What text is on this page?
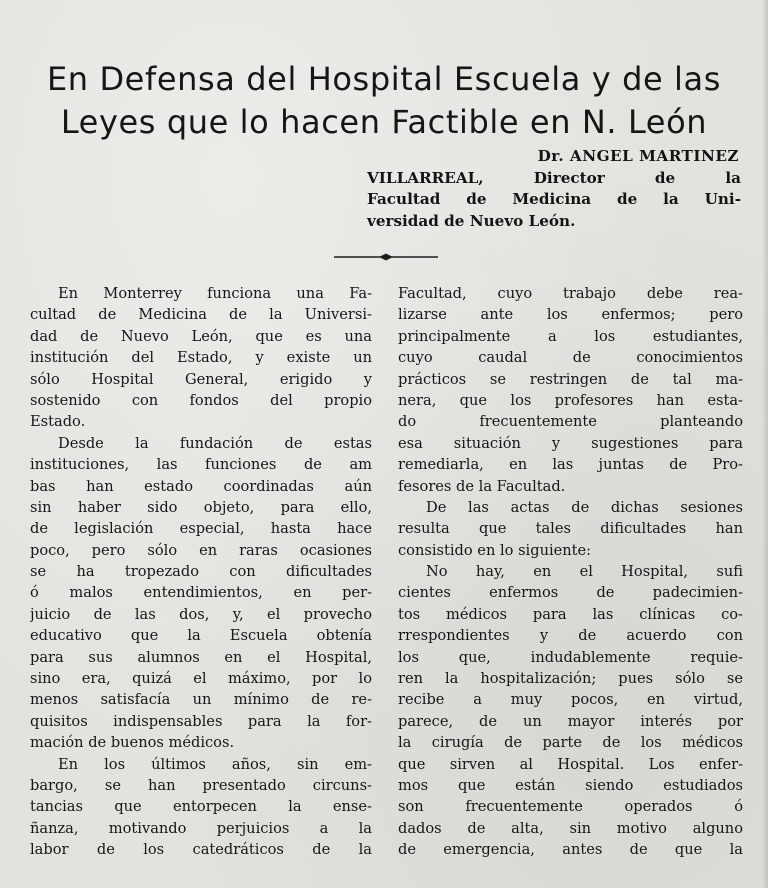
En Defensa del Hospital Escuela y de las
Leyes que lo hacen Factible en N. León
Dr. ANGEL MARTINEZ
VILLARREAL, Director de la
Facultad de Medicina de la Uni-
versidad de Nuevo León.
En Monterrey funciona una Fa-
cultad de Medicina de la Universi-
dad de Nuevo León, que es una
institución del Estado, y existe un
sólo Hospital General, erigido y
sostenido con fondos del propio
Estado.
Desde la fundación de estas
instituciones, las funciones de am
bas han estado coordinadas aún
sin haber sido objeto, para ello,
de legislación especial, hasta hace
poco, pero sólo en raras ocasiones
se ha tropezado con dificultades
ó malos entendimientos, en per-
juicio de las dos, y, el provecho
educativo que la Escuela obtenía
para sus alumnos en el Hospital,
sino era, quizá el máximo, por lo
menos satisfacía un mínimo de re-
quisitos indispensables para la for-
mación de buenos médicos.
En los últimos años, sin em-
bargo, se han presentado circuns-
tancias que entorpecen la ense-
ñanza, motivando perjuicios a la
labor de los catedráticos de la
Facultad, cuyo trabajo debe rea-
lizarse ante los enfermos; pero
principalmente a los estudiantes,
cuyo caudal de conocimientos
prácticos se restringen de tal ma-
nera, que los profesores han esta-
do frecuentemente planteando
esa situación y sugestiones para
remediarla, en las juntas de Pro-
fesores de la Facultad.
De las actas de dichas sesiones
resulta que tales dificultades han
consistido en lo siguiente:
No hay, en el Hospital, sufi
cientes enfermos de padecimien-
tos médicos para las clínicas co-
rrespondientes y de acuerdo con
los que, indudablemente requie-
ren la hospitalización; pues sólo se
recibe a muy pocos, en virtud,
parece, de un mayor interés por
la cirugía de parte de los médicos
que sirven al Hospital. Los enfer-
mos que están siendo estudiados
son frecuentemente operados ó
dados de alta, sin motivo alguno
de emergencia, antes de que la
